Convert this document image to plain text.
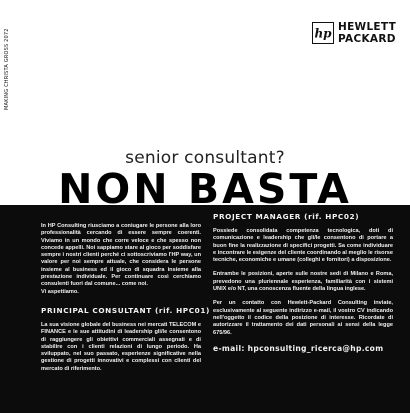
MAKING CHRISTA GROSS 2072	hp HEWLETT
PACKARD
senior consultant?
NON BASTA

In HP Consulting riusciamo a coniugare le persone alla loro professionalità cercando di essere sempre coerenti. Viviamo in un mondo che corre veloce e che spesso non concede appelli. Noi sappiamo stare al gioco per soddisfare sempre i nostri clienti perché ci sottoscriviamo l'HP way, un valore per noi sempre attuale, che considera le persone insieme al business ed il gioco di squadra insieme alla prestazione individuale. Per continuare così cerchiamo consulenti fuori dal comune... come noi.

Vi aspettiamo.

PRINCIPAL CONSULTANT (rif. HPC01)

La sua visione globale del business nei mercati TELECOM e FINANCE e le sue attitudini di leadership gli/le consentono di raggiungere gli obiettivi commerciali assegnati e di stabilire con i clienti relazioni di lungo periodo. Ha sviluppato, nel suo passato, esperienze significative nella gestione di progetti innovativi e complessi con clienti del mercato di riferimento.

PROJECT MANAGER (rif. HPC02)

Possiede consolidata competenza tecnologica, doti di comunicazione e leadership che gli/le consentono di portare a buon fine la realizzazione di specifici progetti. Sa come individuare e incontrare le esigenze del cliente coordinando al meglio le risorse tecniche, economiche e umane (colleghi e fornitori) a disposizione.

Entrambe le posizioni, aperte sulle nostre sedi di Milano e Roma, prevedono una pluriennale esperienza, familiarità con i sistemi UNIX e/o NT, una conoscenza fluente della lingua inglese.

Per un contatto con Hewlett-Packard Consulting inviate, esclusivamente al seguente indirizzo e-mail, il vostro CV indicando nell'oggetto il codice della posizione di interesse. Ricordate di autorizzare il trattamento dei dati personali ai sensi della legge 675/96.

e-mail: hpconsulting_ricerca@hp.com
